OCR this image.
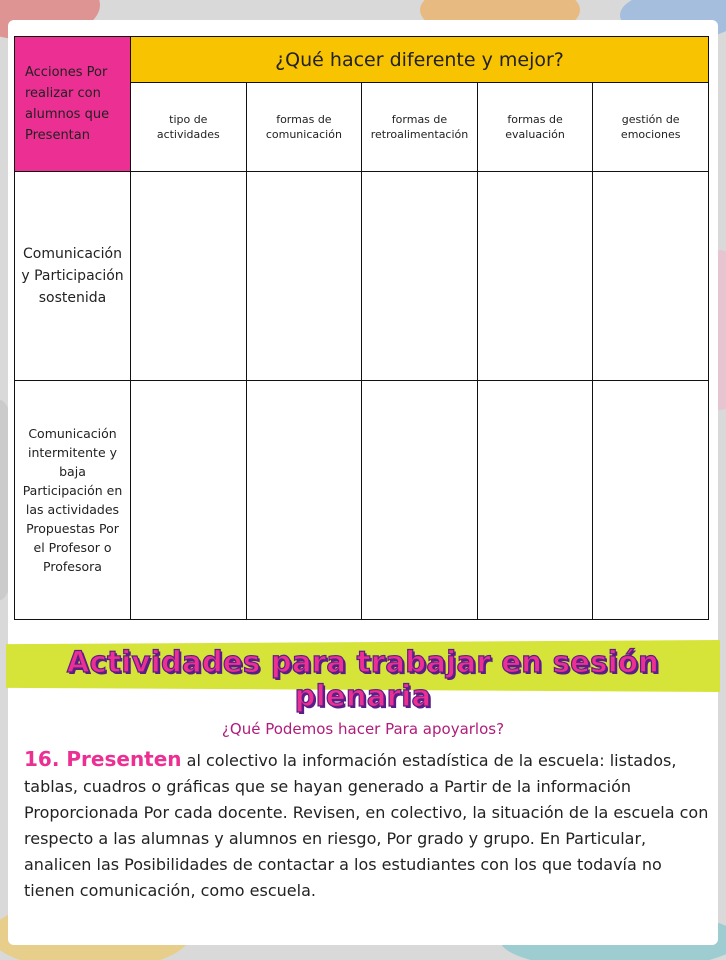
Acciones Por realizar con alumnos que Presentan	¿Qué hacer diferente y mejor?				
	tipo de actividades	formas de comunicación	formas de retroalimentación	formas de evaluación	gestión de emociones
Comunicación y Participación sostenida					
Comunicación intermitente y baja Participación en las actividades Propuestas Por el Profesor o Profesora					
Actividades para trabajar en sesión plenaria
¿Qué Podemos hacer Para apoyarlos?
16. Presenten al colectivo la información estadística de la escuela: listados, tablas, cuadros o gráficas que se hayan generado a Partir de la información Proporcionada Por cada docente. Revisen, en colectivo, la situación de la escuela con respecto a las alumnas y alumnos en riesgo, Por grado y grupo. En Particular, analicen las Posibilidades de contactar a los estudiantes con los que todavía no tienen comunicación, como escuela.
